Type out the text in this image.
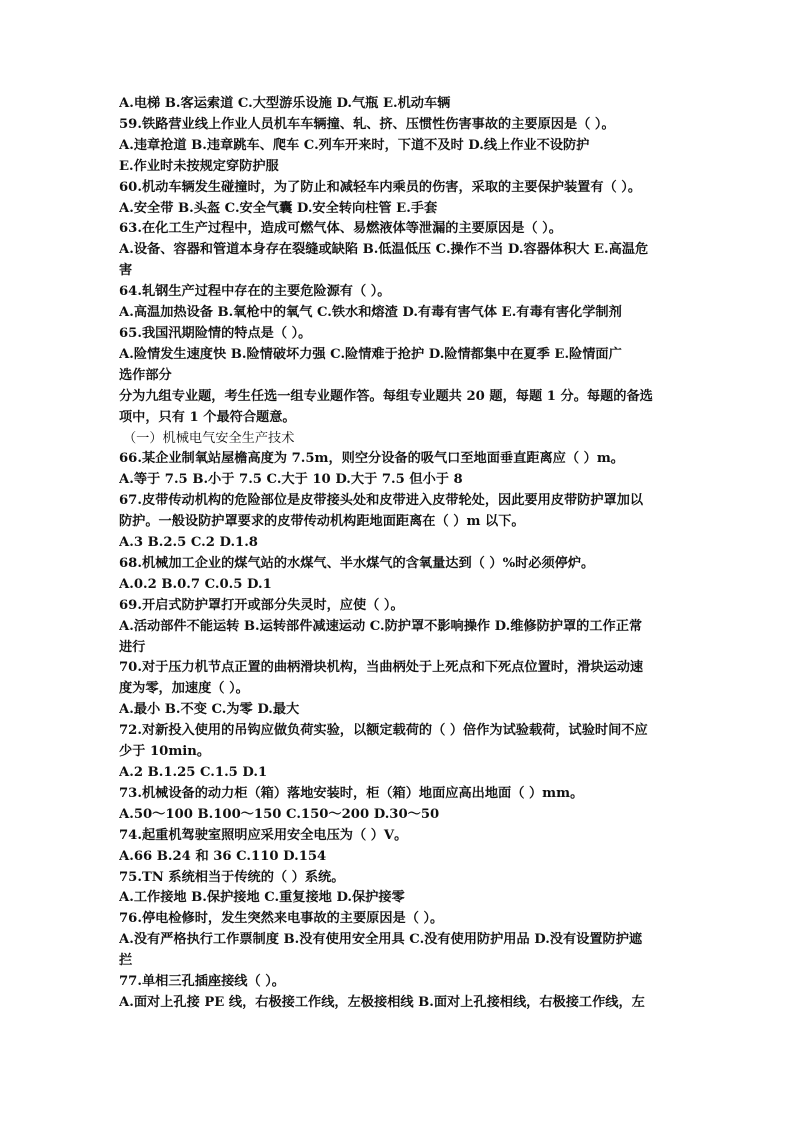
A.电梯 B.客运索道 C.大型游乐设施 D.气瓶 E.机动车辆
59.铁路营业线上作业人员机车车辆撞、轧、挤、压惯性伤害事故的主要原因是（ ）。
A.违章抢道 B.违章跳车、爬车 C.列车开来时，下道不及时 D.线上作业不设防护
E.作业时未按规定穿防护服
60.机动车辆发生碰撞时，为了防止和减轻车内乘员的伤害，采取的主要保护装置有（ ）。
A.安全带 B.头盔 C.安全气囊 D.安全转向柱管 E.手套
63.在化工生产过程中，造成可燃气体、易燃液体等泄漏的主要原因是（ ）。
A.设备、容器和管道本身存在裂缝或缺陷 B.低温低压 C.操作不当 D.容器体积大 E.高温危
害
64.轧钢生产过程中存在的主要危险源有（ ）。
A.高温加热设备 B.氧枪中的氧气 C.铁水和熔渣 D.有毒有害气体 E.有毒有害化学制剂
65.我国汛期险情的特点是（ ）。
A.险情发生速度快 B.险情破坏力强 C.险情难于抢护 D.险情都集中在夏季 E.险情面广
选作部分
分为九组专业题，考生任选一组专业题作答。每组专业题共 20 题，每题 1 分。每题的备选
项中，只有 1 个最符合题意。
（一）机械电气安全生产技术
66.某企业制氧站屋檐高度为 7.5m，则空分设备的吸气口至地面垂直距离应（ ）m。
A.等于 7.5 B.小于 7.5 C.大于 10 D.大于 7.5 但小于 8
67.皮带传动机构的危险部位是皮带接头处和皮带进入皮带轮处，因此要用皮带防护罩加以
防护。一般设防护罩要求的皮带传动机构距地面距离在（ ）m 以下。
A.3 B.2.5 C.2 D.1.8
68.机械加工企业的煤气站的水煤气、半水煤气的含氧量达到（ ）%时必须停炉。
A.0.2 B.0.7 C.0.5 D.1
69.开启式防护罩打开或部分失灵时，应使（ ）。
A.活动部件不能运转 B.运转部件减速运动 C.防护罩不影响操作 D.维修防护罩的工作正常
进行
70.对于压力机节点正置的曲柄滑块机构，当曲柄处于上死点和下死点位置时，滑块运动速
度为零，加速度（ ）。
A.最小 B.不变 C.为零 D.最大
72.对新投入使用的吊钩应做负荷实验，以额定载荷的（ ）倍作为试验载荷，试验时间不应
少于 10min。
A.2 B.1.25 C.1.5 D.1
73.机械设备的动力柜（箱）落地安装时，柜（箱）地面应高出地面（ ）mm。
A.50～100 B.100～150 C.150～200 D.30～50
74.起重机驾驶室照明应采用安全电压为（ ）V。
A.66 B.24 和 36 C.110 D.154
75.TN 系统相当于传统的（ ）系统。
A.工作接地 B.保护接地 C.重复接地 D.保护接零
76.停电检修时，发生突然来电事故的主要原因是（ ）。
A.没有严格执行工作票制度 B.没有使用安全用具 C.没有使用防护用品 D.没有设置防护遮
拦
77.单相三孔插座接线（ ）。
A.面对上孔接 PE 线，右极接工作线，左极接相线 B.面对上孔接相线，右极接工作线，左
